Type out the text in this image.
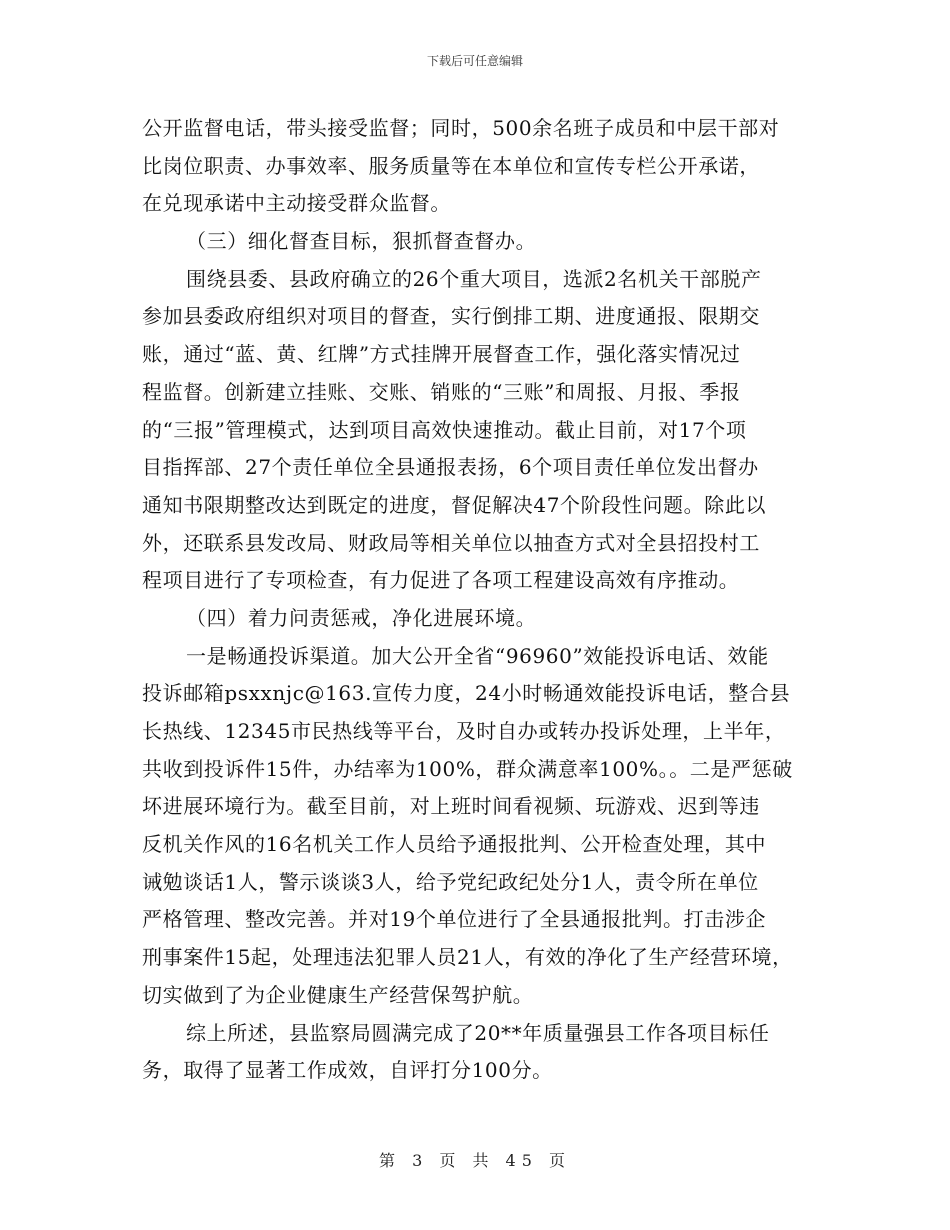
下载后可任意编辑
公开监督电话，带头接受监督；同时，500余名班子成员和中层干部对
比岗位职责、办事效率、服务质量等在本单位和宣传专栏公开承诺，
在兑现承诺中主动接受群众监督。
（三）细化督查目标，狠抓督查督办。
围绕县委、县政府确立的26个重大项目，选派2名机关干部脱产
参加县委政府组织对项目的督查，实行倒排工期、进度通报、限期交
账，通过“蓝、黄、红牌”方式挂牌开展督查工作，强化落实情况过
程监督。创新建立挂账、交账、销账的“三账”和周报、月报、季报
的“三报”管理模式，达到项目高效快速推动。截止目前，对17个项
目指挥部、27个责任单位全县通报表扬，6个项目责任单位发出督办
通知书限期整改达到既定的进度，督促解决47个阶段性问题。除此以
外，还联系县发改局、财政局等相关单位以抽查方式对全县招投村工
程项目进行了专项检查，有力促进了各项工程建设高效有序推动。
（四）着力问责惩戒，净化进展环境。
一是畅通投诉渠道。加大公开全省“96960”效能投诉电话、效能
投诉邮箱psxxnjc@163.宣传力度，24小时畅通效能投诉电话，整合县
长热线、12345市民热线等平台，及时自办或转办投诉处理，上半年，
共收到投诉件15件，办结率为100%，群众满意率100%。。二是严惩破
坏进展环境行为。截至目前，对上班时间看视频、玩游戏、迟到等违
反机关作风的16名机关工作人员给予通报批判、公开检查处理，其中
诫勉谈话1人，警示谈谈3人，给予党纪政纪处分1人，责令所在单位
严格管理、整改完善。并对19个单位进行了全县通报批判。打击涉企
刑事案件15起，处理违法犯罪人员21人，有效的净化了生产经营环境，
切实做到了为企业健康生产经营保驾护航。
综上所述，县监察局圆满完成了20**年质量强县工作各项目标任
务，取得了显著工作成效，自评打分100分。
第 3 页 共 45 页
